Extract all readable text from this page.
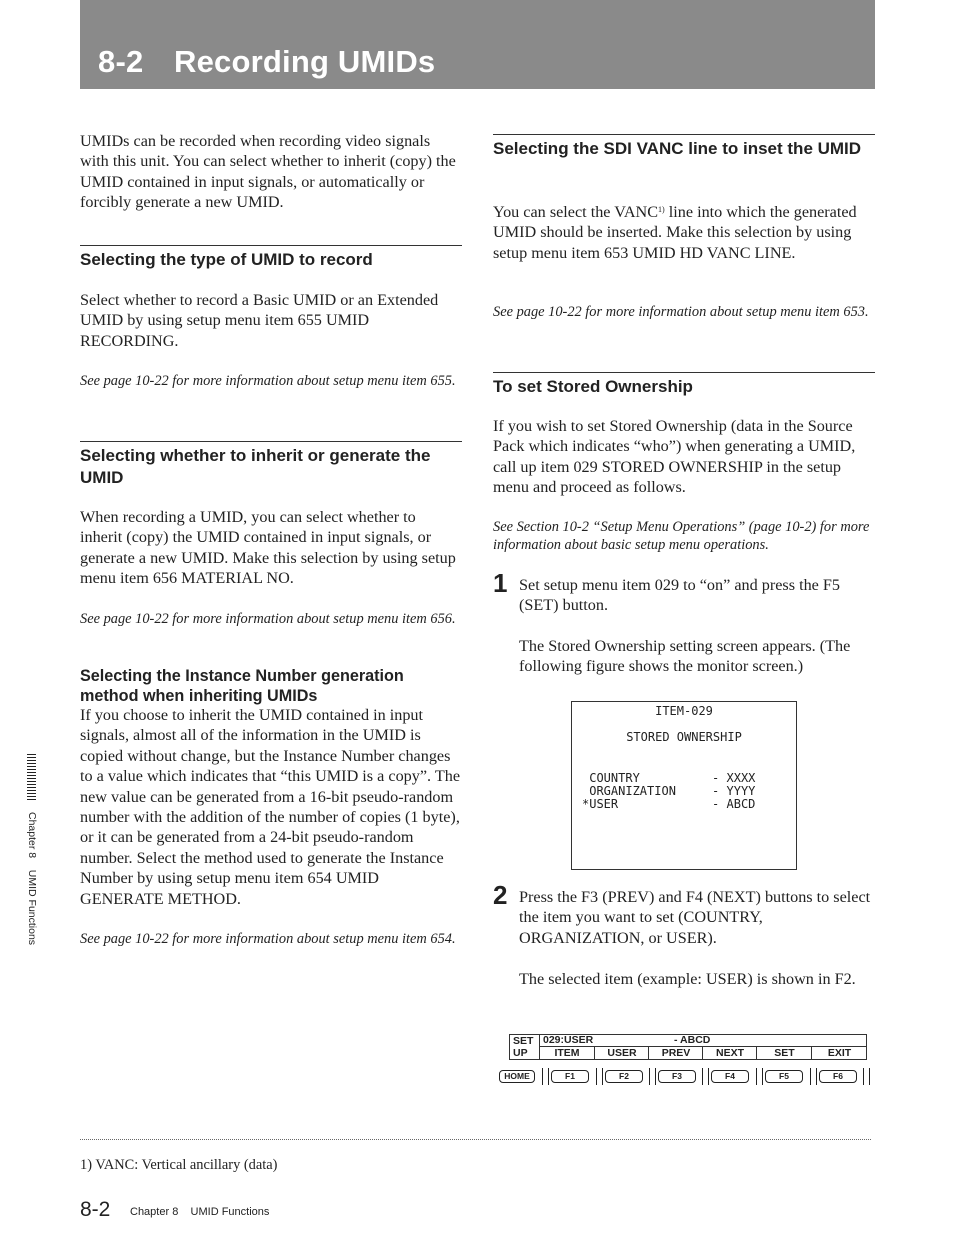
8-2 Recording UMIDs

UMIDs can be recorded when recording video signals with this unit. You can select whether to inherit (copy) the UMID contained in input signals, or automatically or forcibly generate a new UMID.

Selecting the type of UMID to record

Select whether to record a Basic UMID or an Extended UMID by using setup menu item 655 UMID RECORDING.

See page 10-22 for more information about setup menu item 655.

Selecting whether to inherit or generate the UMID

When recording a UMID, you can select whether to inherit (copy) the UMID contained in input signals, or generate a new UMID. Make this selection by using setup menu item 656 MATERIAL NO.

See page 10-22 for more information about setup menu item 656.

Selecting the Instance Number generation method when inheriting UMIDs

If you choose to inherit the UMID contained in input signals, almost all of the information in the UMID is copied without change, but the Instance Number changes to a value which indicates that “this UMID is a copy”. The new value can be generated from a 16-bit pseudo-random number with the addition of the number of copies (1 byte), or it can be generated from a 24-bit pseudo-random number. Select the method used to generate the Instance Number by using setup menu item 654 UMID GENERATE METHOD.

See page 10-22 for more information about setup menu item 654.

Selecting the SDI VANC line to inset the UMID

You can select the VANC$^{1)}$ line into which the generated UMID should be inserted. Make this selection by using setup menu item 653 UMID HD VANC LINE.

See page 10-22 for more information about setup menu item 653.

To set Stored Ownership

If you wish to set Stored Ownership (data in the Source Pack which indicates “who”) when generating a UMID, call up item 029 STORED OWNERSHIP in the setup menu and proceed as follows.

See Section 10-2 “Setup Menu Operations” (page 10-2) for more information about basic setup menu operations.

1 Set setup menu item 029 to “on” and press the F5 (SET) button.

The Stored Ownership setting screen appears. (The following figure shows the monitor screen.)

ITEM-029
STORED OWNERSHIP
COUNTRY          - XXXX
ORGANIZATION     - YYYY
*USER             - ABCD
2 Press the F3 (PREV) and F4 (NEXT) buttons to select the item you want to set (COUNTRY, ORGANIZATION, or USER).

The selected item (example: USER) is shown in F2.

SET
UP
029:USER	- ABCD
ITEM	USER	PREV	NEXT	SET	EXIT
HOME	F1	F2	F3	F4	F5	F6
Chapter 8    UMID Functions

1) VANC: Vertical ancillary (data)

8-2 Chapter 8    UMID Functions
